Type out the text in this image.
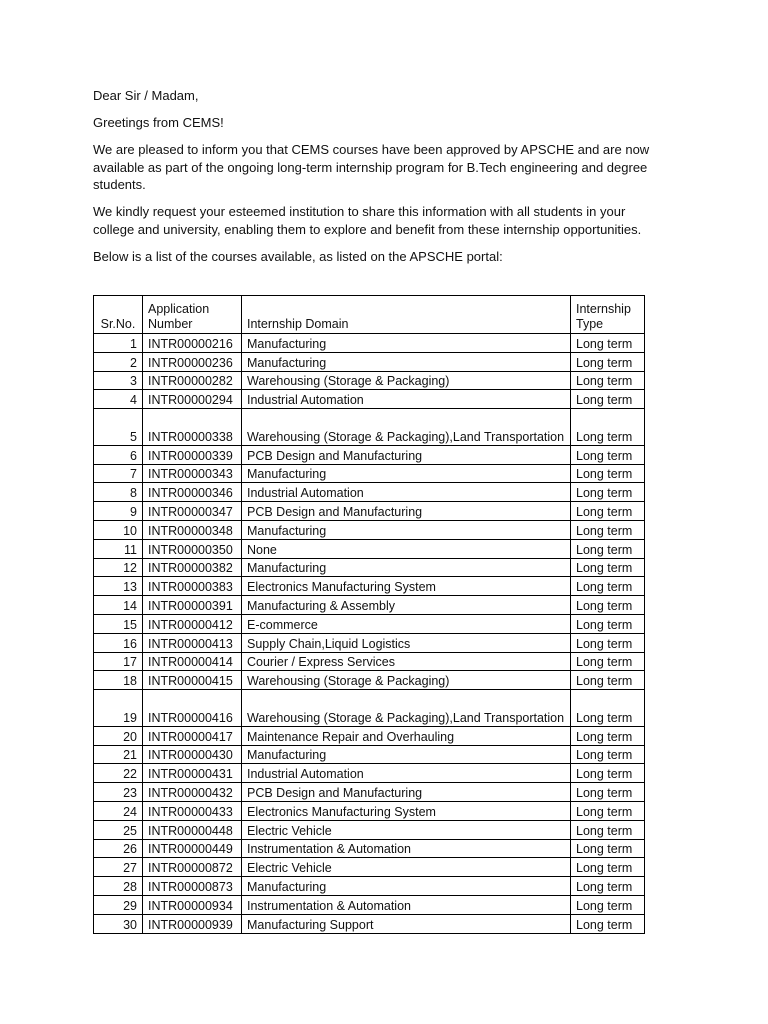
Dear Sir / Madam,

Greetings from CEMS!

We are pleased to inform you that CEMS courses have been approved by APSCHE and are now available as part of the ongoing long-term internship program for B.Tech engineering and degree students.

We kindly request your esteemed institution to share this information with all students in your college and university, enabling them to explore and benefit from these internship opportunities.

Below is a list of the courses available, as listed on the APSCHE portal:

Sr.No.	Application Number	Internship Domain	Internship Type
1	INTR00000216	Manufacturing	Long term
2	INTR00000236	Manufacturing	Long term
3	INTR00000282	Warehousing (Storage & Packaging)	Long term
4	INTR00000294	Industrial Automation	Long term
5	INTR00000338	Warehousing (Storage & Packaging),Land Transportation	Long term
6	INTR00000339	PCB Design and Manufacturing	Long term
7	INTR00000343	Manufacturing	Long term
8	INTR00000346	Industrial Automation	Long term
9	INTR00000347	PCB Design and Manufacturing	Long term
10	INTR00000348	Manufacturing	Long term
11	INTR00000350	None	Long term
12	INTR00000382	Manufacturing	Long term
13	INTR00000383	Electronics Manufacturing System	Long term
14	INTR00000391	Manufacturing & Assembly	Long term
15	INTR00000412	E-commerce	Long term
16	INTR00000413	Supply Chain,Liquid Logistics	Long term
17	INTR00000414	Courier / Express Services	Long term
18	INTR00000415	Warehousing (Storage & Packaging)	Long term
19	INTR00000416	Warehousing (Storage & Packaging),Land Transportation	Long term
20	INTR00000417	Maintenance Repair and Overhauling	Long term
21	INTR00000430	Manufacturing	Long term
22	INTR00000431	Industrial Automation	Long term
23	INTR00000432	PCB Design and Manufacturing	Long term
24	INTR00000433	Electronics Manufacturing System	Long term
25	INTR00000448	Electric Vehicle	Long term
26	INTR00000449	Instrumentation & Automation	Long term
27	INTR00000872	Electric Vehicle	Long term
28	INTR00000873	Manufacturing	Long term
29	INTR00000934	Instrumentation & Automation	Long term
30	INTR00000939	Manufacturing Support	Long term
